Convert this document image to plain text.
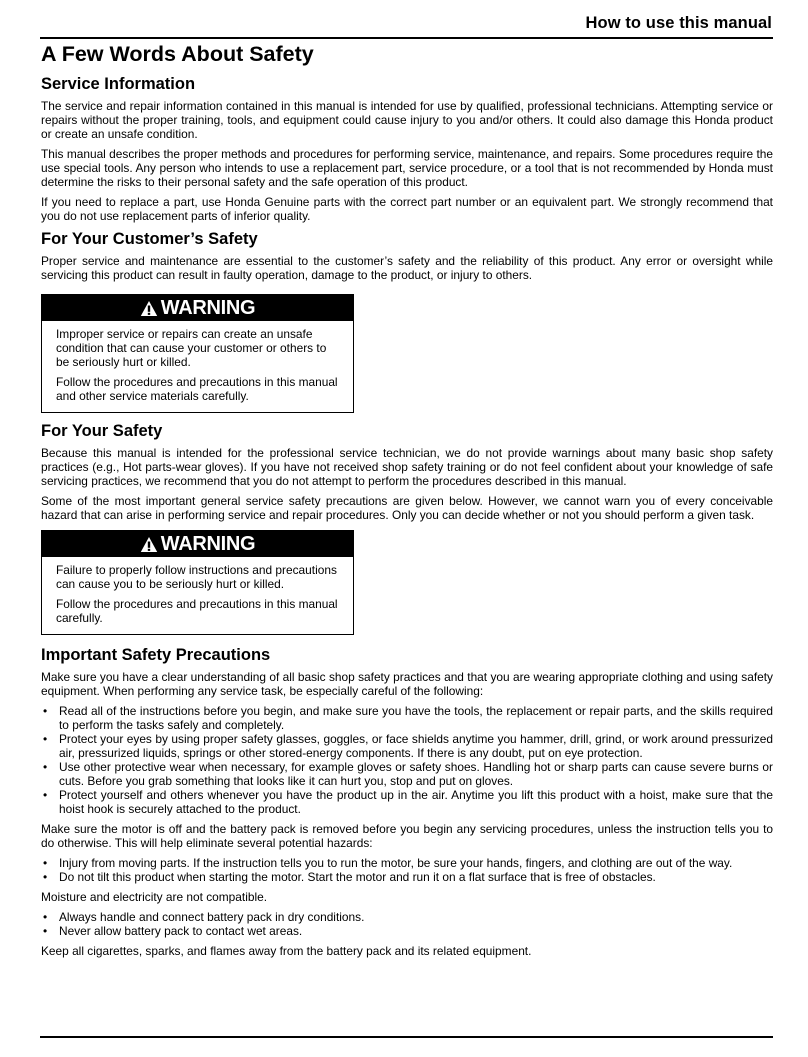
How to use this manual
A Few Words About Safety
Service Information

The service and repair information contained in this manual is intended for use by qualified, professional technicians. Attempting service or repairs without the proper training, tools, and equipment could cause injury to you and/or others. It could also damage this Honda product or create an unsafe condition.

This manual describes the proper methods and procedures for performing service, maintenance, and repairs. Some procedures require the use special tools. Any person who intends to use a replacement part, service procedure, or a tool that is not recommended by Honda must determine the risks to their personal safety and the safe operation of this product.

If you need to replace a part, use Honda Genuine parts with the correct part number or an equivalent part. We strongly recommend that you do not use replacement parts of inferior quality.

For Your Customer’s Safety

Proper service and maintenance are essential to the customer’s safety and the reliability of this product. Any error or oversight while servicing this product can result in faulty operation, damage to the product, or injury to others.

WARNING

Improper service or repairs can create an unsafe condition that can cause your customer or others to be seriously hurt or killed.

Follow the procedures and precautions in this manual and other service materials carefully.

For Your Safety

Because this manual is intended for the professional service technician, we do not provide warnings about many basic shop safety practices (e.g., Hot parts-wear gloves). If you have not received shop safety training or do not feel confident about your knowledge of safe servicing practices, we recommend that you do not attempt to perform the procedures described in this manual.

Some of the most important general service safety precautions are given below. However, we cannot warn you of every conceivable hazard that can arise in performing service and repair procedures. Only you can decide whether or not you should perform a given task.

WARNING

Failure to properly follow instructions and precautions can cause you to be seriously hurt or killed.

Follow the procedures and precautions in this manual carefully.

Important Safety Precautions

Make sure you have a clear understanding of all basic shop safety practices and that you are wearing appropriate clothing and using safety equipment. When performing any service task, be especially careful of the following:

• Read all of the instructions before you begin, and make sure you have the tools, the replacement or repair parts, and the skills required to perform the tasks safely and completely.
• Protect your eyes by using proper safety glasses, goggles, or face shields anytime you hammer, drill, grind, or work around pressurized air, pressurized liquids, springs or other stored-energy components. If there is any doubt, put on eye protection.
• Use other protective wear when necessary, for example gloves or safety shoes. Handling hot or sharp parts can cause severe burns or cuts. Before you grab something that looks like it can hurt you, stop and put on gloves.
• Protect yourself and others whenever you have the product up in the air. Anytime you lift this product with a hoist, make sure that the hoist hook is securely attached to the product.

Make sure the motor is off and the battery pack is removed before you begin any servicing procedures, unless the instruction tells you to do otherwise. This will help eliminate several potential hazards:

• Injury from moving parts. If the instruction tells you to run the motor, be sure your hands, fingers, and clothing are out of the way.
• Do not tilt this product when starting the motor. Start the motor and run it on a flat surface that is free of obstacles.

Moisture and electricity are not compatible.

• Always handle and connect battery pack in dry conditions.
• Never allow battery pack to contact wet areas.

Keep all cigarettes, sparks, and flames away from the battery pack and its related equipment.
